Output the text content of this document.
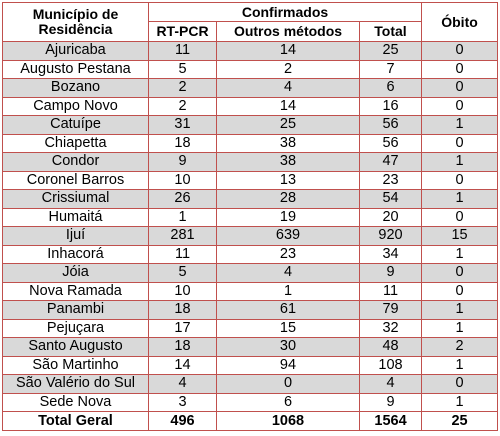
Município de
Residência	Confirmados			Óbito
	RT-PCR	Outros métodos	Total	
Ajuricaba	11	14	25	0
Augusto Pestana	5	2	7	0
Bozano	2	4	6	0
Campo Novo	2	14	16	0
Catuípe	31	25	56	1
Chiapetta	18	38	56	0
Condor	9	38	47	1
Coronel Barros	10	13	23	0
Crissiumal	26	28	54	1
Humaitá	1	19	20	0
Ijuí	281	639	920	15
Inhacorá	11	23	34	1
Jóia	5	4	9	0
Nova Ramada	10	1	11	0
Panambi	18	61	79	1
Pejuçara	17	15	32	1
Santo Augusto	18	30	48	2
São Martinho	14	94	108	1
São Valério do Sul	4	0	4	0
Sede Nova	3	6	9	1
Total Geral	496	1068	1564	25
